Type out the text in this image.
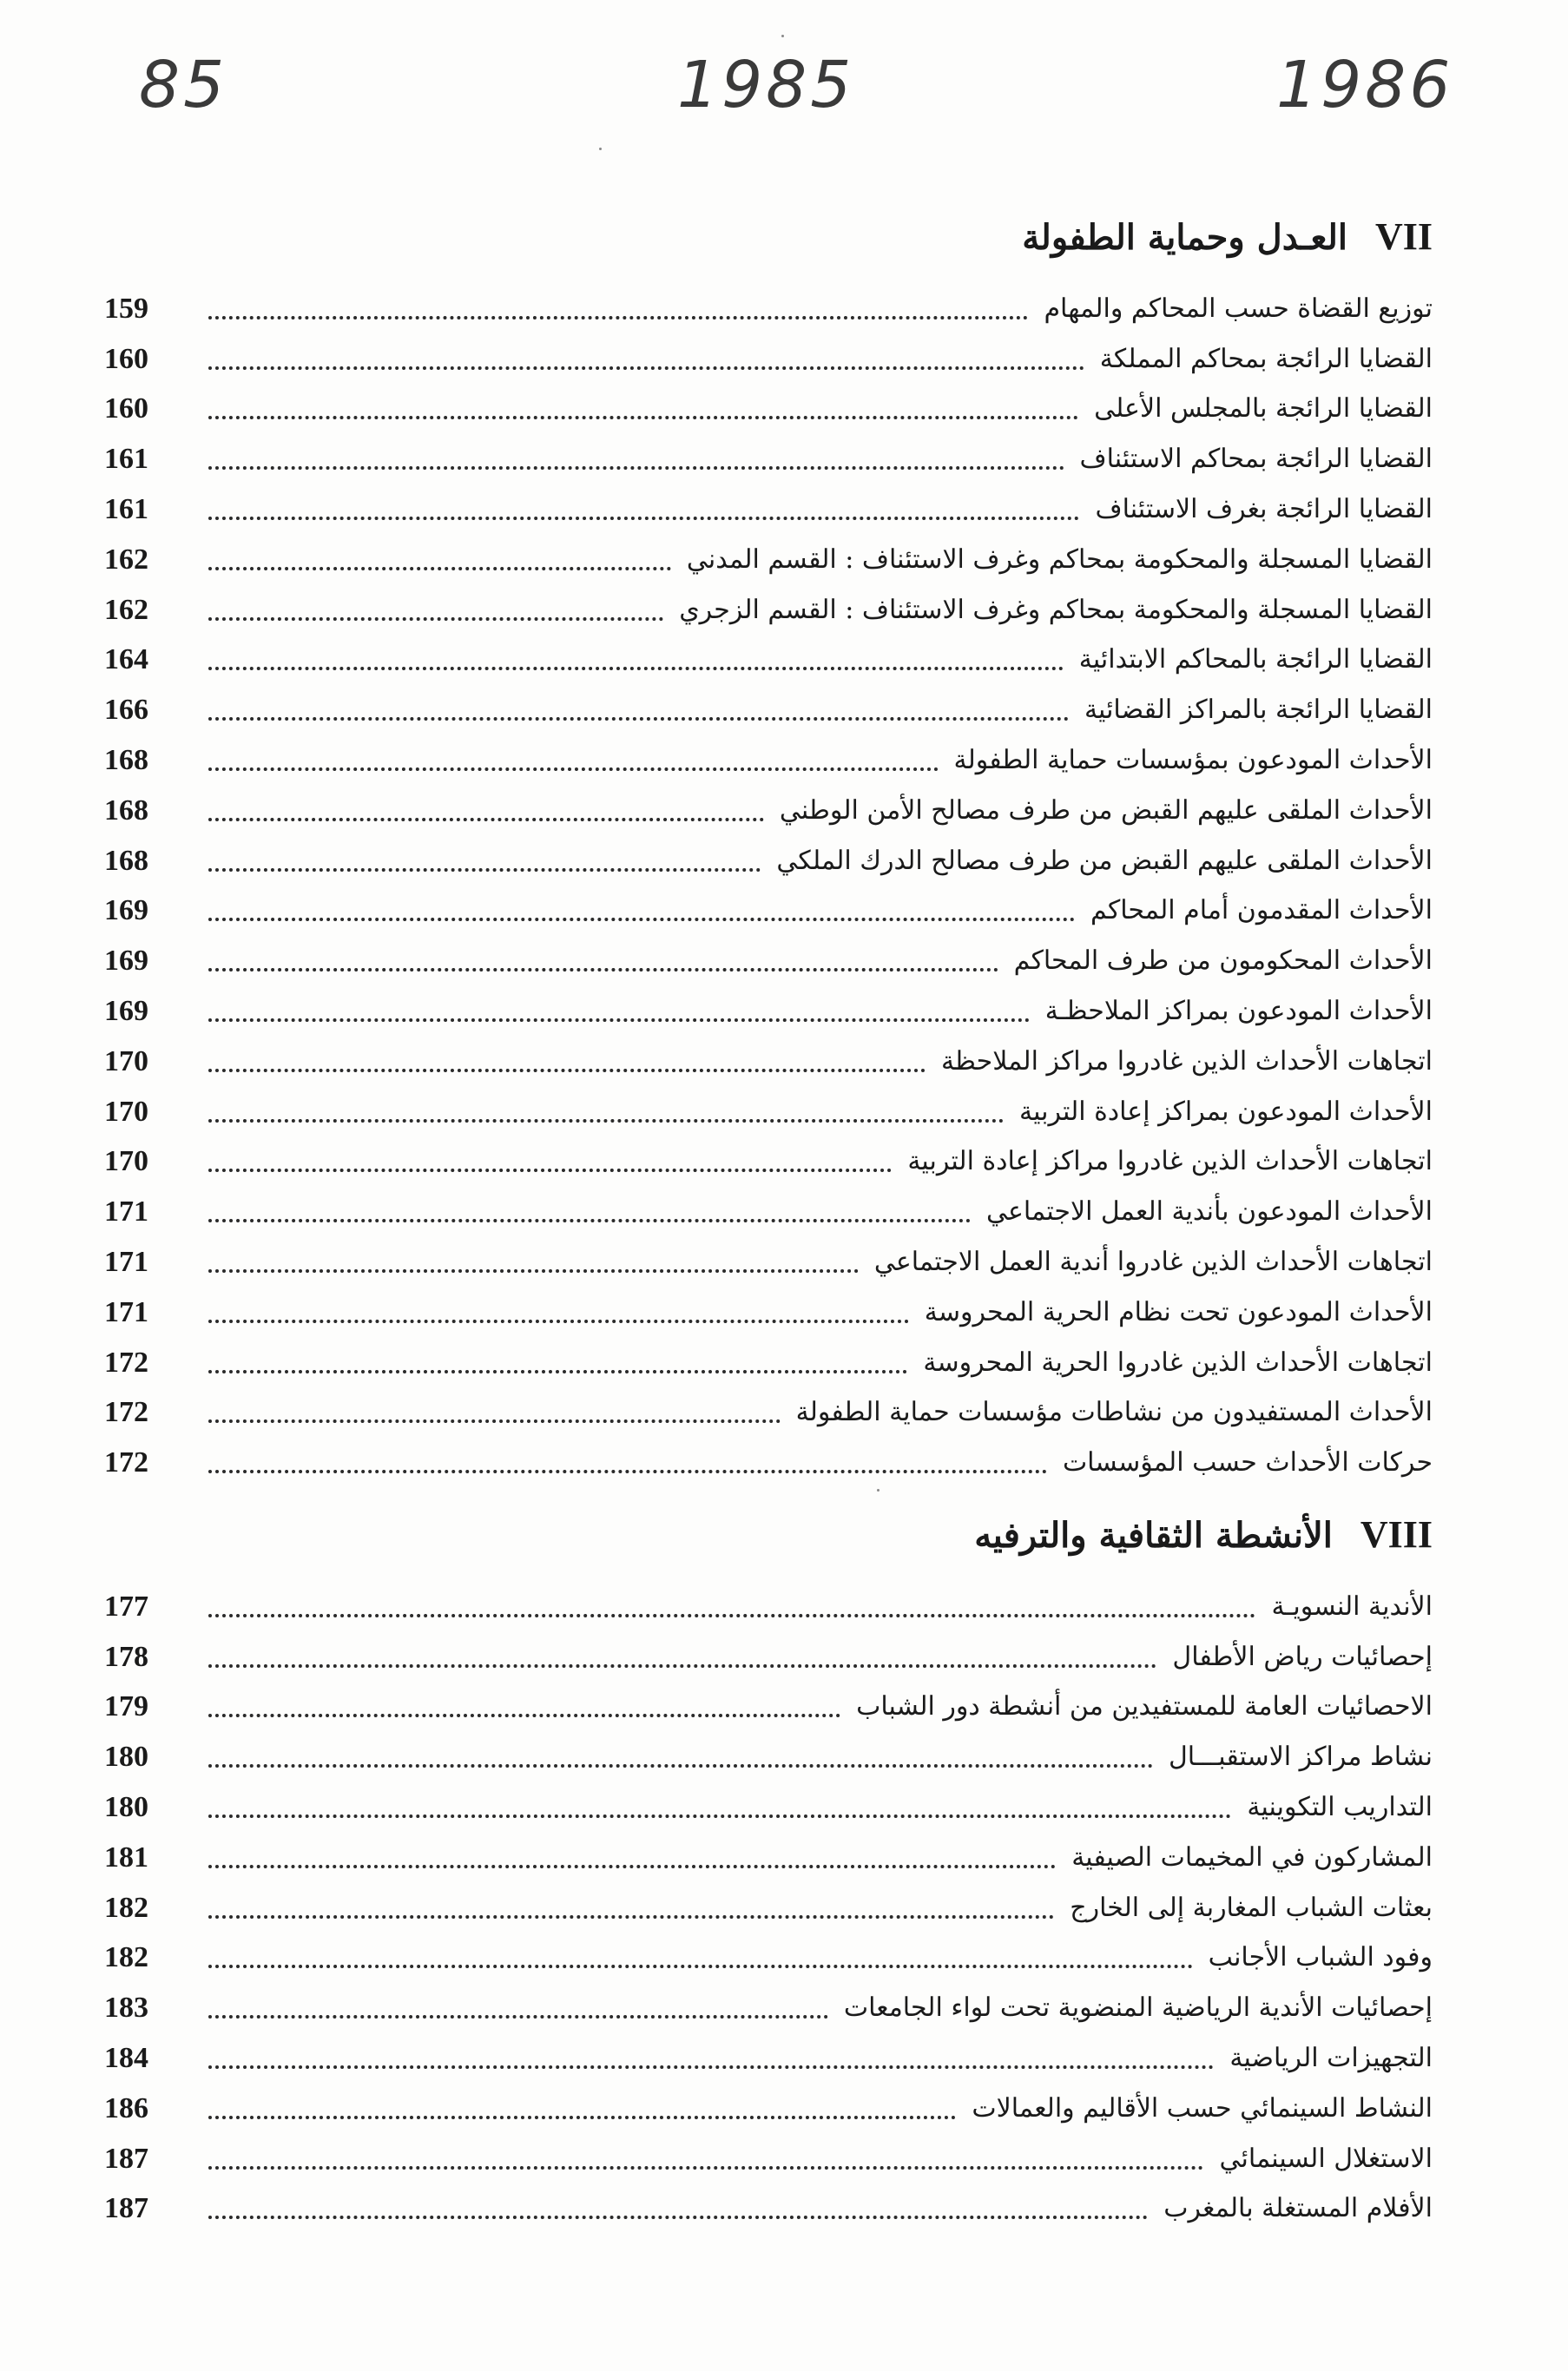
85	1985	1986
VII العـدل وحماية الطفولة
159	توزيع القضاة حسب المحاكم والمهام
160	القضايا الرائجة بمحاكم المملكة
160	القضايا الرائجة بالمجلس الأعلى
161	القضايا الرائجة بمحاكم الاستئناف
161	القضايا الرائجة بغرف الاستئناف
162	القضايا المسجلة والمحكومة بمحاكم وغرف الاستئناف : القسم المدني
162	القضايا المسجلة والمحكومة بمحاكم وغرف الاستئناف : القسم الزجري
164	القضايا الرائجة بالمحاكم الابتدائية
166	القضايا الرائجة بالمراكز القضائية
168	الأحداث المودعون بمؤسسات حماية الطفولة
168	الأحداث الملقى عليهم القبض من طرف مصالح الأمن الوطني
168	الأحداث الملقى عليهم القبض من طرف مصالح الدرك الملكي
169	الأحداث المقدمون أمام المحاكم
169	الأحداث المحكومون من طرف المحاكم
169	الأحداث المودعون بمراكز الملاحظـة
170	اتجاهات الأحداث الذين غادروا مراكز الملاحظة
170	الأحداث المودعون بمراكز إعادة التربية
170	اتجاهات الأحداث الذين غادروا مراكز إعادة التربية
171	الأحداث المودعون بأندية العمل الاجتماعي
171	اتجاهات الأحداث الذين غادروا أندية العمل الاجتماعي
171	الأحداث المودعون تحت نظام الحرية المحروسة
172	اتجاهات الأحداث الذين غادروا الحرية المحروسة
172	الأحداث المستفيدون من نشاطات مؤسسات حماية الطفولة
172	حركات الأحداث حسب المؤسسات
VIII الأنشطة الثقافية والترفيه
177	الأندية النسويـة
178	إحصائيات رياض الأطفال
179	الاحصائيات العامة للمستفيدين من أنشطة دور الشباب
180	نشاط مراكز الاستقبـــال
180	التداريب التكوينية
181	المشاركون في المخيمات الصيفية
182	بعثات الشباب المغاربة إلى الخارج
182	وفود الشباب الأجانب
183	إحصائيات الأندية الرياضية المنضوية تحت لواء الجامعات
184	التجهيزات الرياضية
186	النشاط السينمائي حسب الأقاليم والعمالات
187	الاستغلال السينمائي
187	الأفلام المستغلة بالمغرب
